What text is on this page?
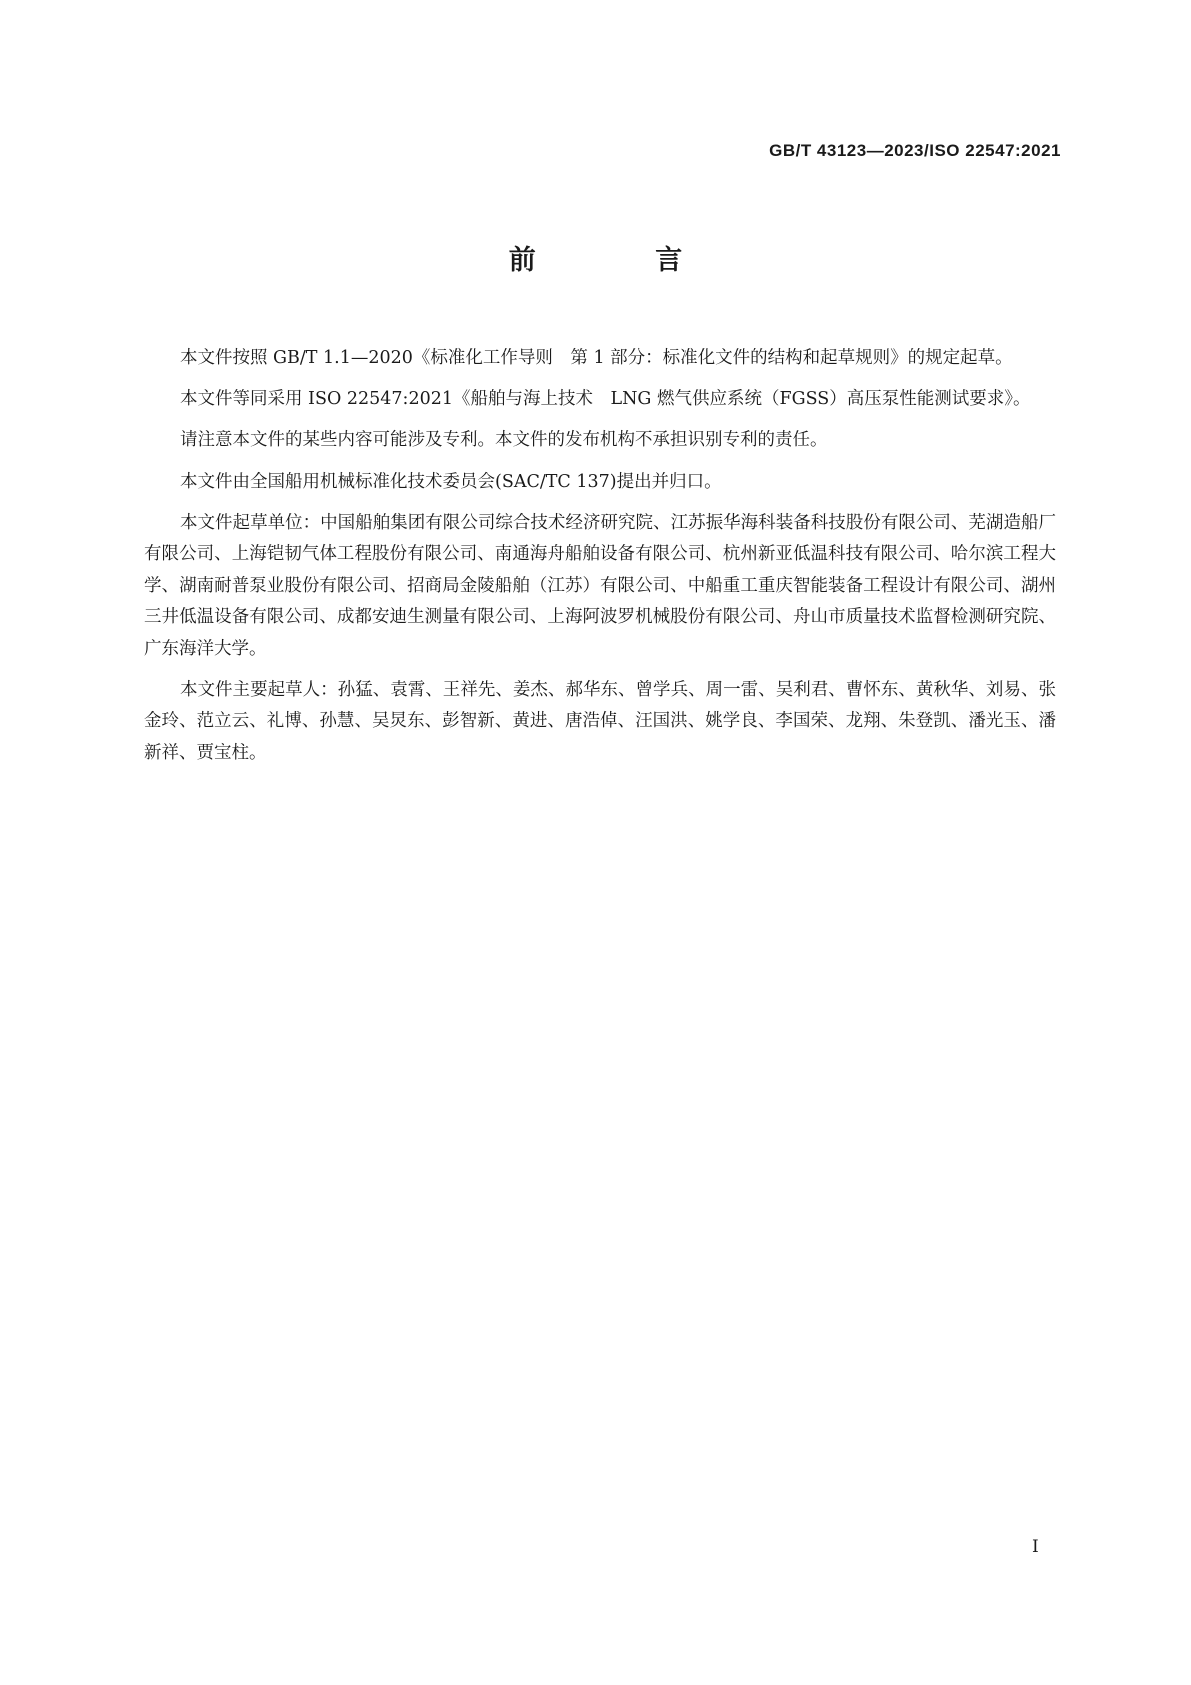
GB/T 43123—2023/ISO 22547:2021
前 言

本文件按照 GB/T 1.1—2020《标准化工作导则　第 1 部分：标准化文件的结构和起草规则》的规定起草。

本文件等同采用 ISO 22547:2021《船舶与海上技术　LNG 燃气供应系统（FGSS）高压泵性能测试要求》。

请注意本文件的某些内容可能涉及专利。本文件的发布机构不承担识别专利的责任。

本文件由全国船用机械标准化技术委员会(SAC/TC 137)提出并归口。

本文件起草单位：中国船舶集团有限公司综合技术经济研究院、江苏振华海科装备科技股份有限公司、芜湖造船厂有限公司、上海铠韧气体工程股份有限公司、南通海舟船舶设备有限公司、杭州新亚低温科技有限公司、哈尔滨工程大学、湖南耐普泵业股份有限公司、招商局金陵船舶（江苏）有限公司、中船重工重庆智能装备工程设计有限公司、湖州三井低温设备有限公司、成都安迪生测量有限公司、上海阿波罗机械股份有限公司、舟山市质量技术监督检测研究院、广东海洋大学。

本文件主要起草人：孙猛、袁霄、王祥先、姜杰、郝华东、曾学兵、周一雷、吴利君、曹怀东、黄秋华、刘易、张金玲、范立云、礼博、孙慧、吴炅东、彭智新、黄进、唐浩倬、汪国洪、姚学良、李国荣、龙翔、朱登凯、潘光玉、潘新祥、贾宝柱。

I
